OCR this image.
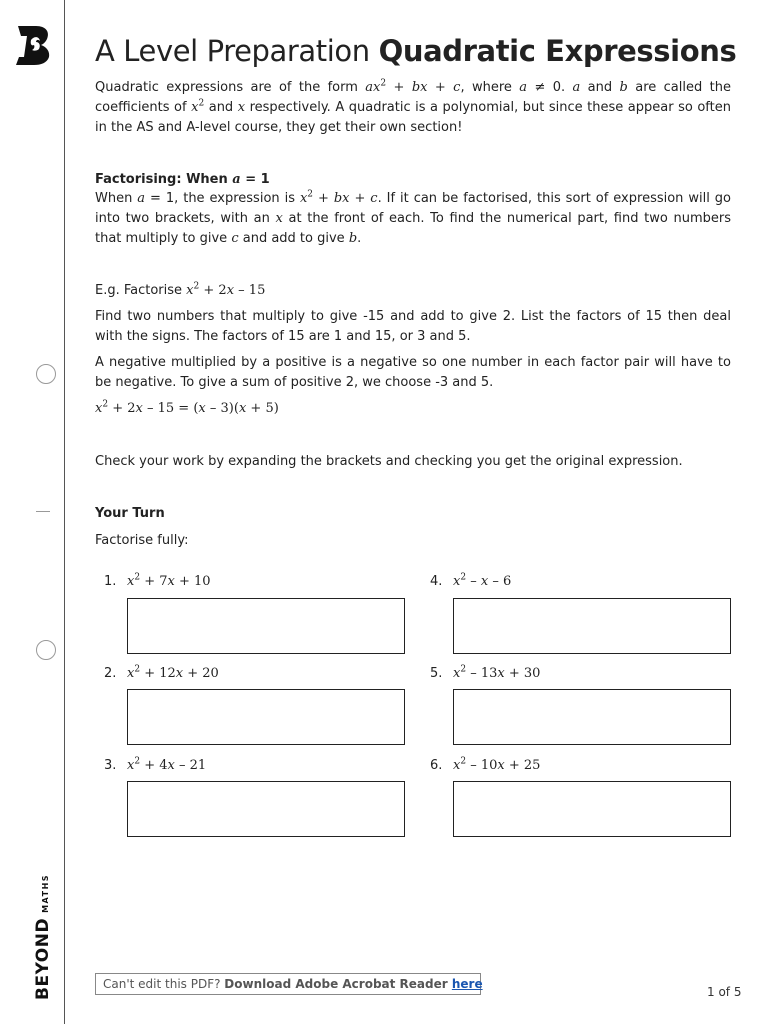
BEYONDMATHS
A Level Preparation Quadratic Expressions

Quadratic expressions are of the form $ax^2$ + bx + c, where a ≠ 0. a and b are called the coefficients of $x^2$ and x respectively. A quadratic is a polynomial, but since these appear so often in the AS and A-level course, they get their own section!

Factorising: When a = 1

When a = 1, the expression is $x^2$ + bx + c. If it can be factorised, this sort of expression will go into two brackets, with an x at the front of each. To find the numerical part, find two numbers that multiply to give c and add to give b.

E.g. Factorise $x^2 + 2x - 15$

Find two numbers that multiply to give -15 and add to give 2. List the factors of 15 then deal with the signs. The factors of 15 are 1 and 15, or 3 and 5.

A negative multiplied by a positive is a negative so one number in each factor pair will have to be negative. To give a sum of positive 2, we choose -3 and 5.

$x^2 + 2x - 15 = (x - 3)(x + 5)$

Check your work by expanding the brackets and checking you get the original expression.

Your Turn

Factorise fully:

1. $x^2 + 7x + 10$
2. $x^2 + 12x + 20$
3. $x^2 + 4x - 21$
4. $x^2$ – x – 6
5. $x^2 - 13x + 30$
6. $x^2 - 10x + 25$
Can't edit this PDF? Download Adobe Acrobat Reader here
1 of 5
